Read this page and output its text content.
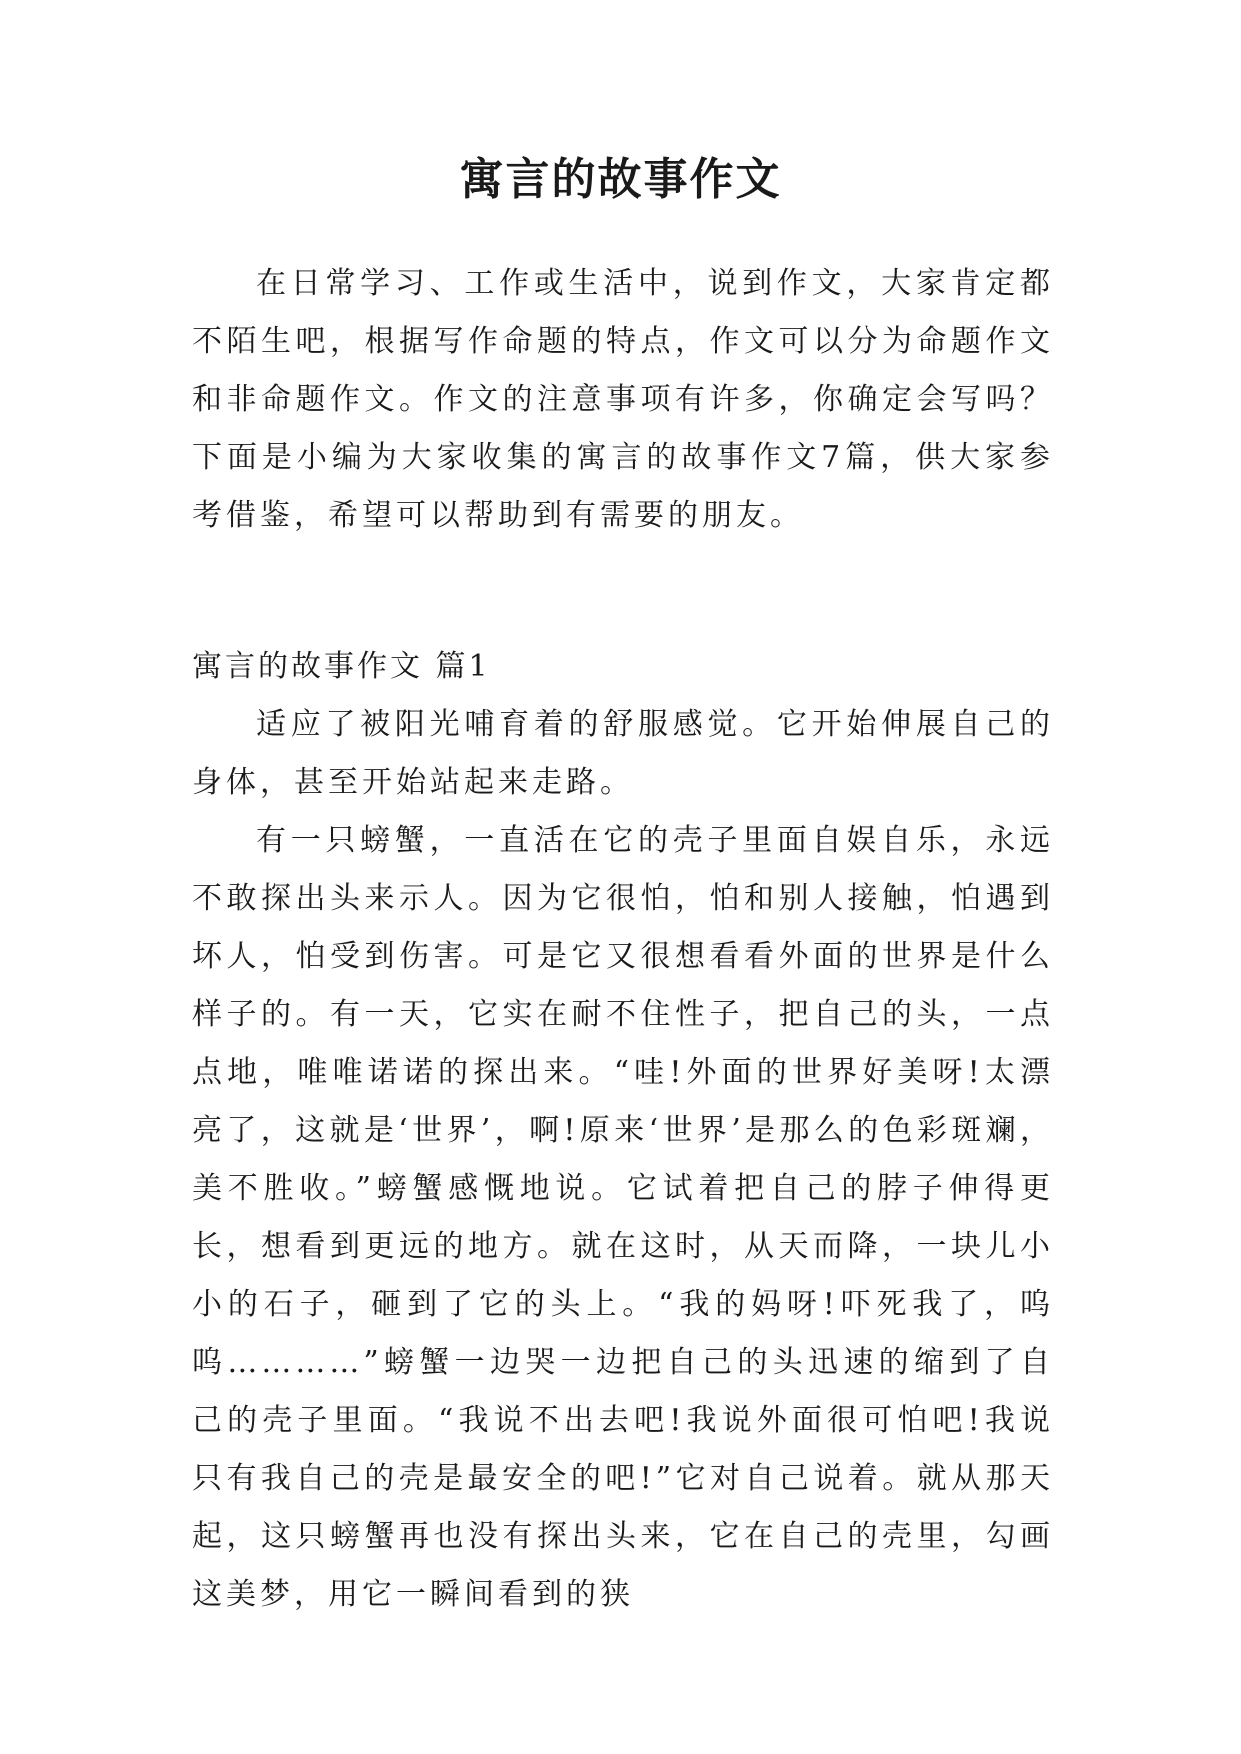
寓言的故事作文

在日常学习、工作或生活中，说到作文，大家肯定都不陌生吧，根据写作命题的特点，作文可以分为命题作文和非命题作文。作文的注意事项有许多，你确定会写吗？下面是小编为大家收集的寓言的故事作文7篇，供大家参考借鉴，希望可以帮助到有需要的朋友。

寓言的故事作文 篇1

适应了被阳光哺育着的舒服感觉。它开始伸展自己的身体，甚至开始站起来走路。

有一只螃蟹，一直活在它的壳子里面自娱自乐，永远不敢探出头来示人。因为它很怕，怕和别人接触，怕遇到坏人，怕受到伤害。可是它又很想看看外面的世界是什么样子的。有一天，它实在耐不住性子，把自己的头，一点点地，唯唯诺诺的探出来。“哇!外面的世界好美呀!太漂亮了，这就是‘世界’，啊!原来‘世界’是那么的色彩斑斓，美不胜收。”螃蟹感慨地说。它试着把自己的脖子伸得更长，想看到更远的地方。就在这时，从天而降，一块儿小小的石子，砸到了它的头上。“我的妈呀!吓死我了，呜呜…………”螃蟹一边哭一边把自己的头迅速的缩到了自己的壳子里面。“我说不出去吧!我说外面很可怕吧!我说只有我自己的壳是最安全的吧!”它对自己说着。就从那天起，这只螃蟹再也没有探出头来，它在自己的壳里，勾画这美梦，用它一瞬间看到的狭
